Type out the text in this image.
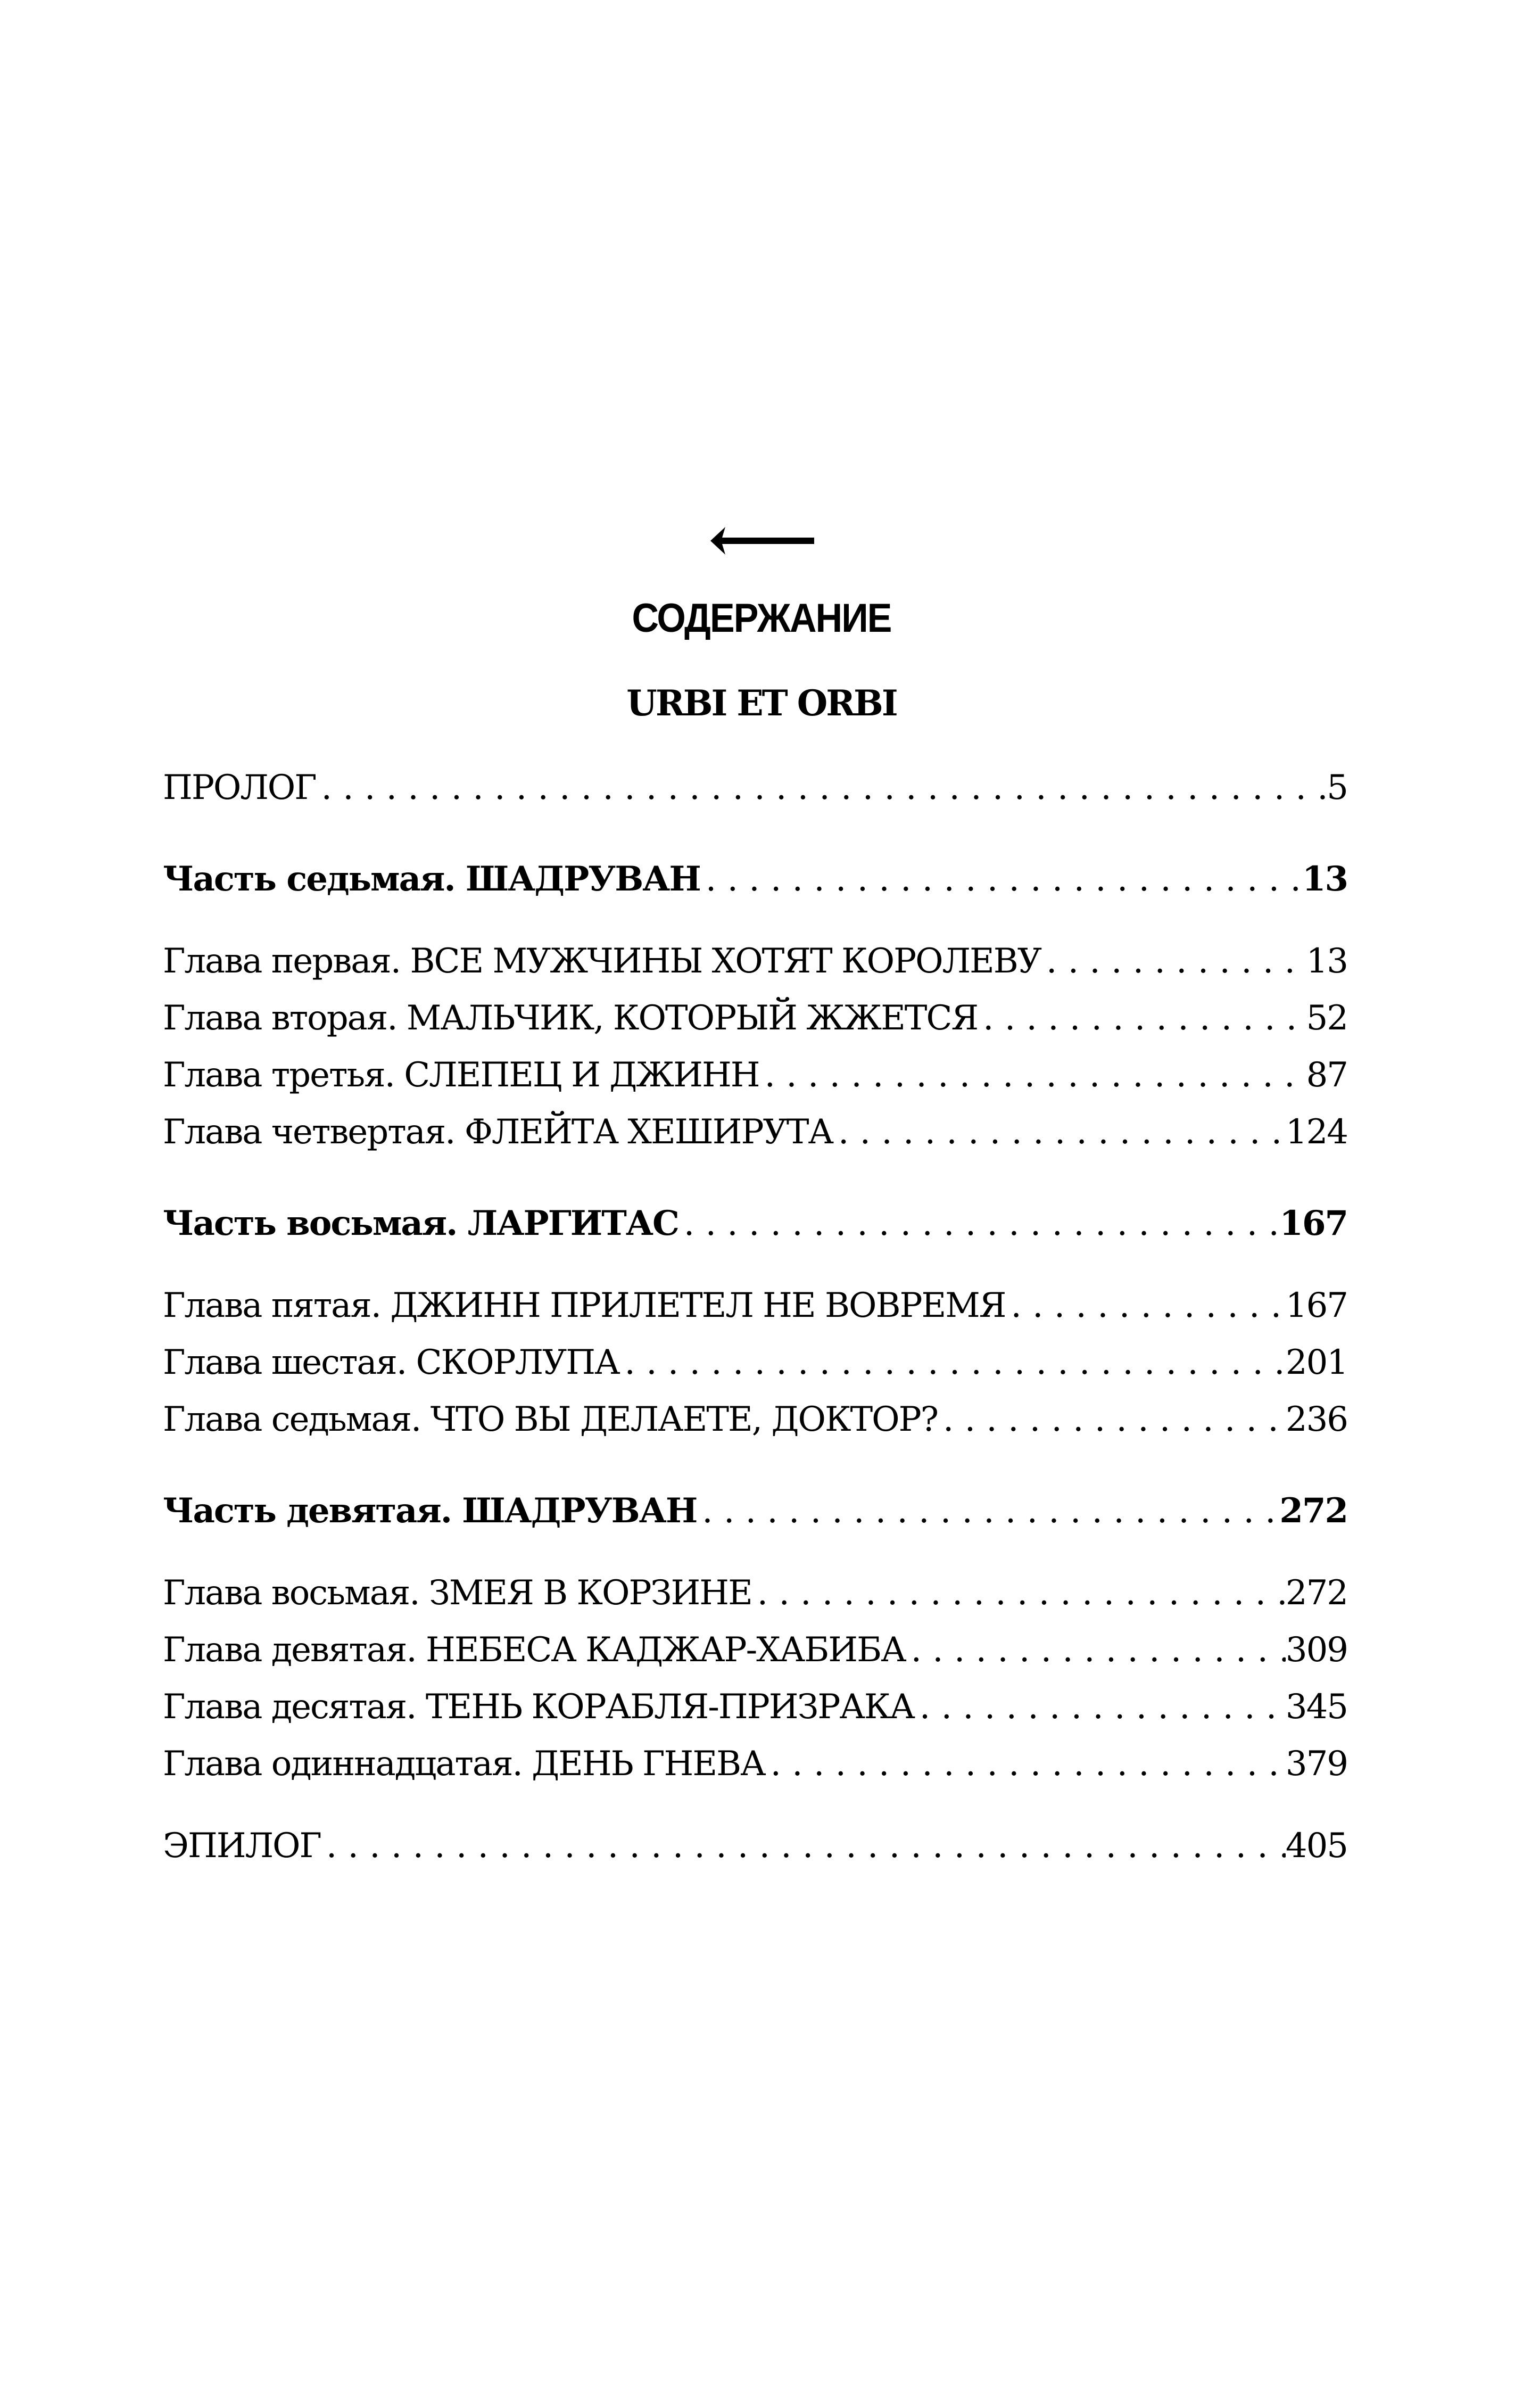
СОДЕРЖАНИЕ
URBI ET ORBI
ПРОЛОГ . . .	5
Часть седьмая. ШАДРУВАН . . .	13
Глава первая. ВСЕ МУЖЧИНЫ ХОТЯТ КОРОЛЕВУ . . .	13
Глава вторая. МАЛЬЧИК, КОТОРЫЙ ЖЖЕТСЯ . . .	52
Глава третья. СЛЕПЕЦ И ДЖИНН . . .	87
Глава четвертая. ФЛЕЙТА ХЕШИРУТА . . .	124
Часть восьмая. ЛАРГИТАС . . .	167
Глава пятая. ДЖИНН ПРИЛЕТЕЛ НЕ ВОВРЕМЯ . . .	167
Глава шестая. СКОРЛУПА . . .	201
Глава седьмая. ЧТО ВЫ ДЕЛАЕТЕ, ДОКТОР? . . .	236
Часть девятая. ШАДРУВАН . . .	272
Глава восьмая. ЗМЕЯ В КОРЗИНЕ . . .	272
Глава девятая. НЕБЕСА КАДЖАР-ХАБИБА . . .	309
Глава десятая. ТЕНЬ КОРАБЛЯ-ПРИЗРАКА . . .	345
Глава одиннадцатая. ДЕНЬ ГНЕВА . . .	379
ЭПИЛОГ . . .	405
